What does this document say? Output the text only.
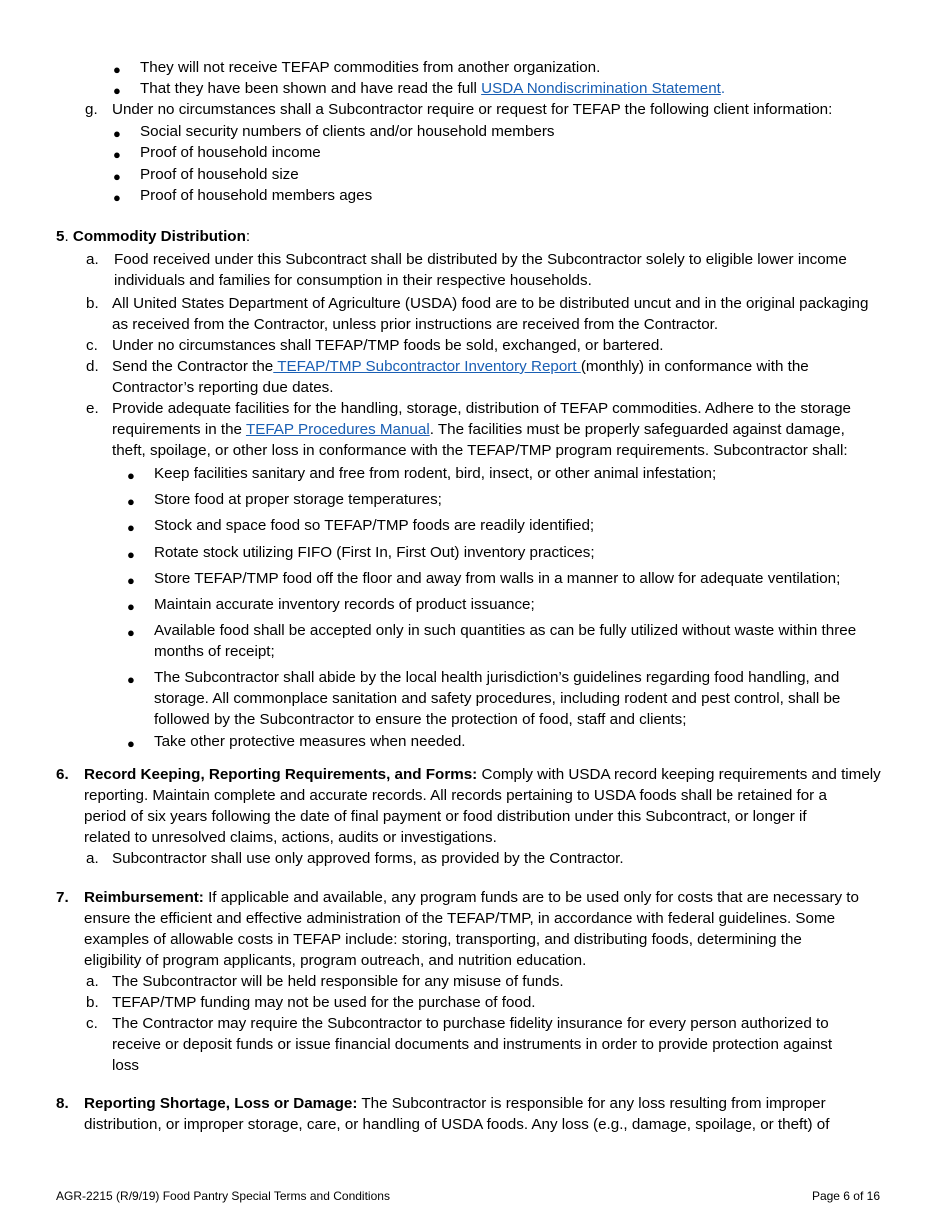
● They will not receive TEFAP commodities from another organization.
● That they have been shown and have read the full USDA Nondiscrimination Statement.
g. Under no circumstances shall a Subcontractor require or request for TEFAP the following client information:
● Social security numbers of clients and/or household members
● Proof of household income
● Proof of household size
● Proof of household members ages
5. Commodity Distribution:
a. Food received under this Subcontract shall be distributed by the Subcontractor solely to eligible lower income
individuals and families for consumption in their respective households.
b. All United States Department of Agriculture (USDA) food are to be distributed uncut and in the original packaging
as received from the Contractor, unless prior instructions are received from the Contractor.
c. Under no circumstances shall TEFAP/TMP foods be sold, exchanged, or bartered.
d. Send the Contractor the TEFAP/TMP Subcontractor Inventory Report (monthly) in conformance with the
Contractor’s reporting due dates.
e. Provide adequate facilities for the handling, storage, distribution of TEFAP commodities. Adhere to the storage
requirements in the TEFAP Procedures Manual. The facilities must be properly safeguarded against damage,
theft, spoilage, or other loss in conformance with the TEFAP/TMP program requirements. Subcontractor shall:
● Keep facilities sanitary and free from rodent, bird, insect, or other animal infestation;
● Store food at proper storage temperatures;
● Stock and space food so TEFAP/TMP foods are readily identified;
● Rotate stock utilizing FIFO (First In, First Out) inventory practices;
● Store TEFAP/TMP food off the floor and away from walls in a manner to allow for adequate ventilation;
● Maintain accurate inventory records of product issuance;
● Available food shall be accepted only in such quantities as can be fully utilized without waste within three
months of receipt;
● The Subcontractor shall abide by the local health jurisdiction’s guidelines regarding food handling, and
storage. All commonplace sanitation and safety procedures, including rodent and pest control, shall be
followed by the Subcontractor to ensure the protection of food, staff and clients;
● Take other protective measures when needed.
6. Record Keeping, Reporting Requirements, and Forms: Comply with USDA record keeping requirements and timely
reporting. Maintain complete and accurate records. All records pertaining to USDA foods shall be retained for a
period of six years following the date of final payment or food distribution under this Subcontract, or longer if
related to unresolved claims, actions, audits or investigations.
a. Subcontractor shall use only approved forms, as provided by the Contractor.
7. Reimbursement: If applicable and available, any program funds are to be used only for costs that are necessary to
ensure the efficient and effective administration of the TEFAP/TMP, in accordance with federal guidelines. Some
examples of allowable costs in TEFAP include: storing, transporting, and distributing foods, determining the
eligibility of program applicants, program outreach, and nutrition education.
a. The Subcontractor will be held responsible for any misuse of funds.
b. TEFAP/TMP funding may not be used for the purchase of food.
c. The Contractor may require the Subcontractor to purchase fidelity insurance for every person authorized to
receive or deposit funds or issue financial documents and instruments in order to provide protection against
loss
8. Reporting Shortage, Loss or Damage: The Subcontractor is responsible for any loss resulting from improper
distribution, or improper storage, care, or handling of USDA foods. Any loss (e.g., damage, spoilage, or theft) of
AGR-2215 (R/9/19) Food Pantry Special Terms and Conditions	Page 6 of 16
